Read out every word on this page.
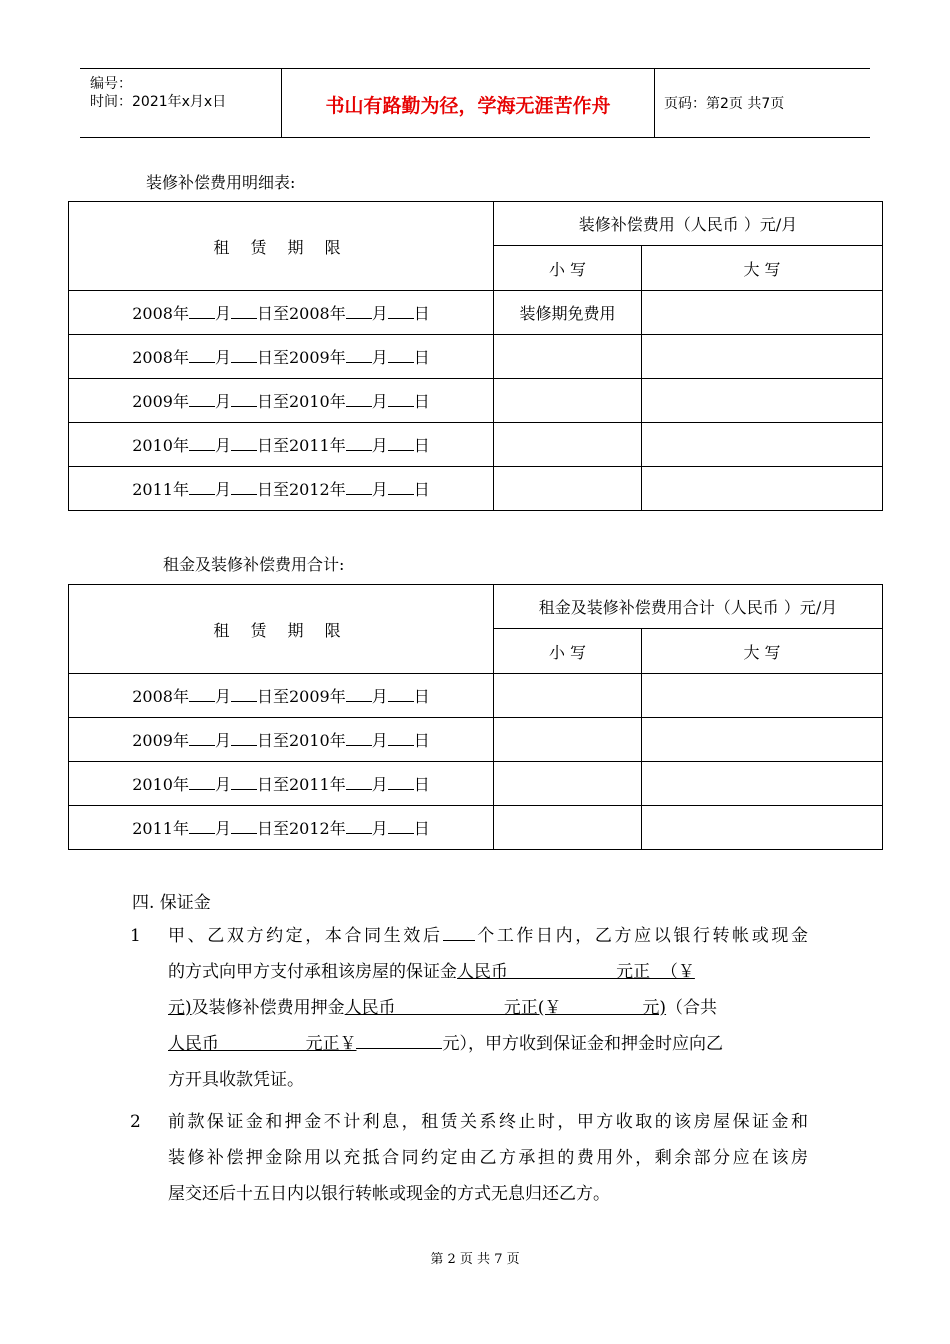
编号：
时间：2021年x月x日	书山有路勤为径，学海无涯苦作舟	页码：第2页 共7页
装修补偿费用明细表:
租 赁 期 限	装修补偿费用（人民币 ）元/月	
	小 写	大 写
2008年 月 日至2008年 月 日	装修期免费用	
2008年 月 日至2009年 月 日		
2009年 月 日至2010年 月 日		
2010年 月 日至2011年 月 日		
2011年 月 日至2012年 月 日		
租金及装修补偿费用合计:
租 赁 期 限	租金及装修补偿费用合计（人民币 ）元/月	
	小 写	大 写
2008年 月 日至2009年 月 日		
2009年 月 日至2010年 月 日		
2010年 月 日至2011年 月 日		
2011年 月 日至2012年 月 日		
四. 保证金
1 甲、乙双方约定，本合同生效后 个工作日内，乙方应以银行转帐或现金
的方式向甲方支付承租该房屋的保证金人民币                    元正  （￥
元)及装修补偿费用押金人民币                    元正(￥               元)（合共
人民币                元正￥	元），甲方收到保证金和押金时应向乙
方开具收款凭证。
2 前款保证金和押金不计利息，租赁关系终止时，甲方收取的该房屋保证金和
装修补偿押金除用以充抵合同约定由乙方承担的费用外，剩余部分应在该房
屋交还后十五日内以银行转帐或现金的方式无息归还乙方。
第 2 页 共 7 页
